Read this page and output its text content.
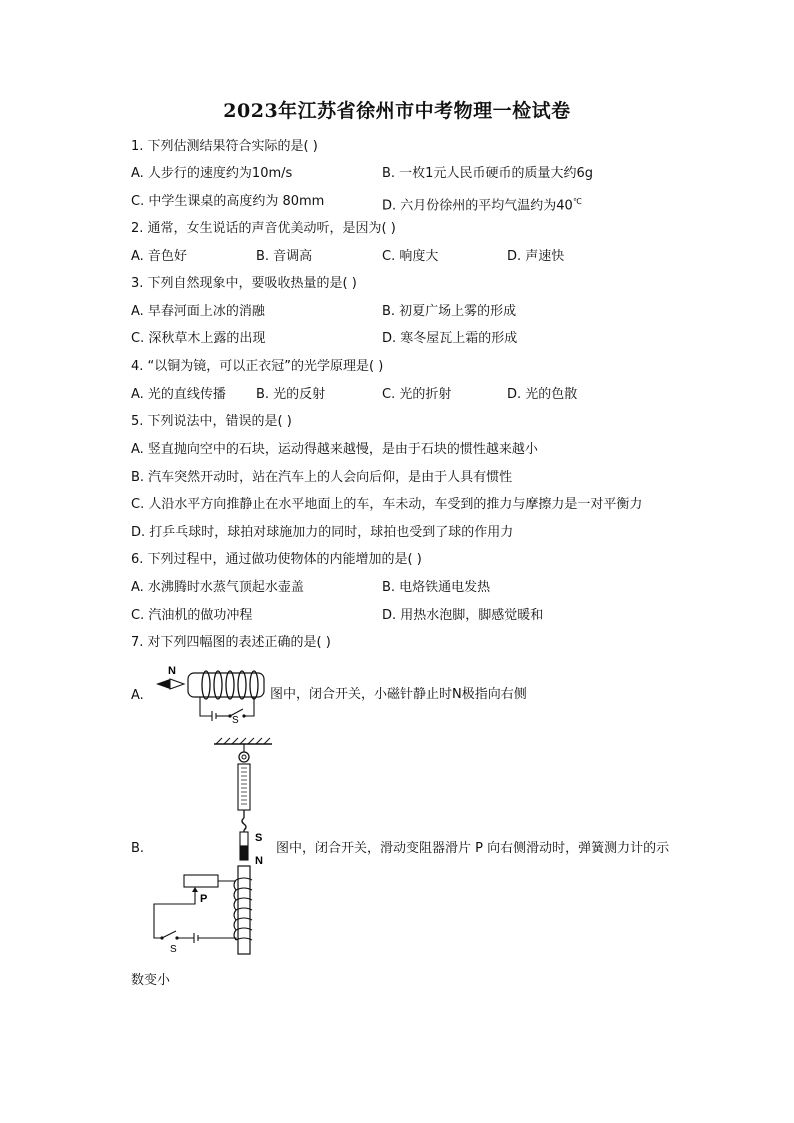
2023年江苏省徐州市中考物理一检试卷
1. 下列估测结果符合实际的是( )
A. 人步行的速度约为10m/s	B. 一枚1元人民币硬币的质量大约6g
C. 中学生课桌的高度约为 80mm	D. 六月份徐州的平均气温约为40℃
2. 通常，女生说话的声音优美动听，是因为( )
A. 音色好	B. 音调高	C. 响度大	D. 声速快
3. 下列自然现象中，要吸收热量的是( )
A. 早春河面上冰的消融	B. 初夏广场上雾的形成
C. 深秋草木上露的出现	D. 寒冬屋瓦上霜的形成
4. “以铜为镜，可以正衣冠”的光学原理是( )
A. 光的直线传播 B. 光的反射	C. 光的折射	D. 光的色散
5. 下列说法中，错误的是( )
A. 竖直抛向空中的石块，运动得越来越慢，是由于石块的惯性越来越小
B. 汽车突然开动时，站在汽车上的人会向后仰，是由于人具有惯性
C. 人沿水平方向推静止在水平地面上的车，车未动，车受到的推力与摩擦力是一对平衡力
D. 打乒乓球时，球拍对球施加力的同时，球拍也受到了球的作用力
6. 下列过程中，通过做功使物体的内能增加的是( )
A. 水沸腾时水蒸气顶起水壶盖	B. 电烙铁通电发热
C. 汽油机的做功冲程	D. 用热水泡脚，脚感觉暖和
7. 对下列四幅图的表述正确的是( )
A.
N
S
图中，闭合开关，小磁针静止时N极指向右侧
S
N
P
S
B.	图中，闭合开关，滑动变阻器滑片 P 向右侧滑动时，弹簧测力计的示
数变小
